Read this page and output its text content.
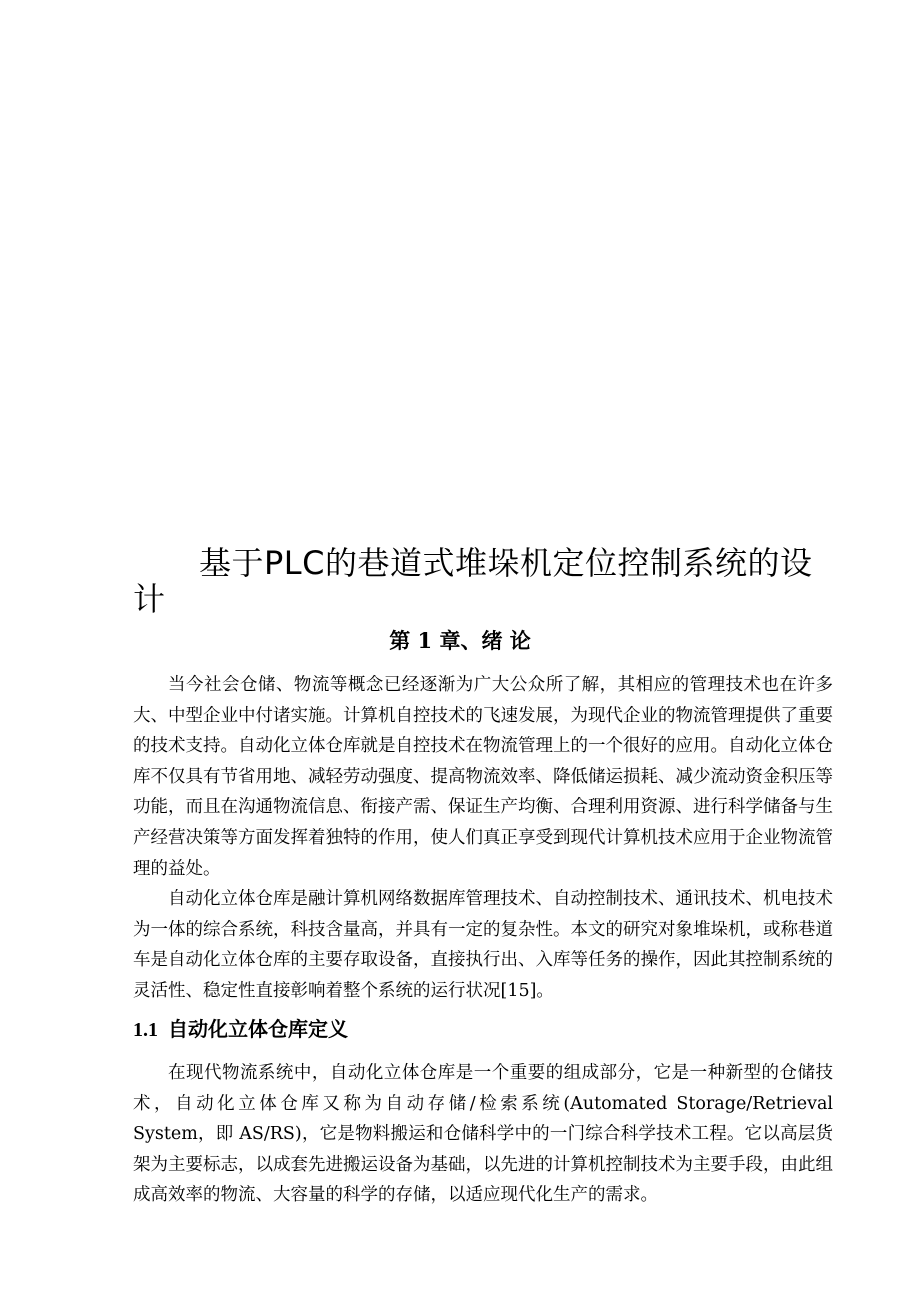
基于PLC的巷道式堆垛机定位控制系统的设计
第 1 章、绪 论

当今社会仓储、物流等概念已经逐渐为广大公众所了解，其相应的管理技术也在许多大、中型企业中付诸实施。计算机自控技术的飞速发展，为现代企业的物流管理提供了重要的技术支持。自动化立体仓库就是自控技术在物流管理上的一个很好的应用。自动化立体仓库不仅具有节省用地、减轻劳动强度、提高物流效率、降低储运损耗、减少流动资金积压等功能，而且在沟通物流信息、衔接产需、保证生产均衡、合理利用资源、进行科学储备与生产经营决策等方面发挥着独特的作用，使人们真正享受到现代计算机技术应用于企业物流管理的益处。

自动化立体仓库是融计算机网络数据库管理技术、自动控制技术、通讯技术、机电技术为一体的综合系统，科技含量高，并具有一定的复杂性。本文的研究对象堆垛机，或称巷道车是自动化立体仓库的主要存取设备，直接执行出、入库等任务的操作，因此其控制系统的灵活性、稳定性直接彰响着整个系统的运行状况[15]。

1.1 自动化立体仓库定义

在现代物流系统中，自动化立体仓库是一个重要的组成部分，它是一种新型的仓储技术，自动化立体仓库又称为自动存储/检索系统(Automated Storage/Retrieval System，即 AS/RS)，它是物料搬运和仓储科学中的一门综合科学技术工程。它以高层货架为主要标志，以成套先进搬运设备为基础，以先进的计算机控制技术为主要手段，由此组成高效率的物流、大容量的科学的存储，以适应现代化生产的需求。
